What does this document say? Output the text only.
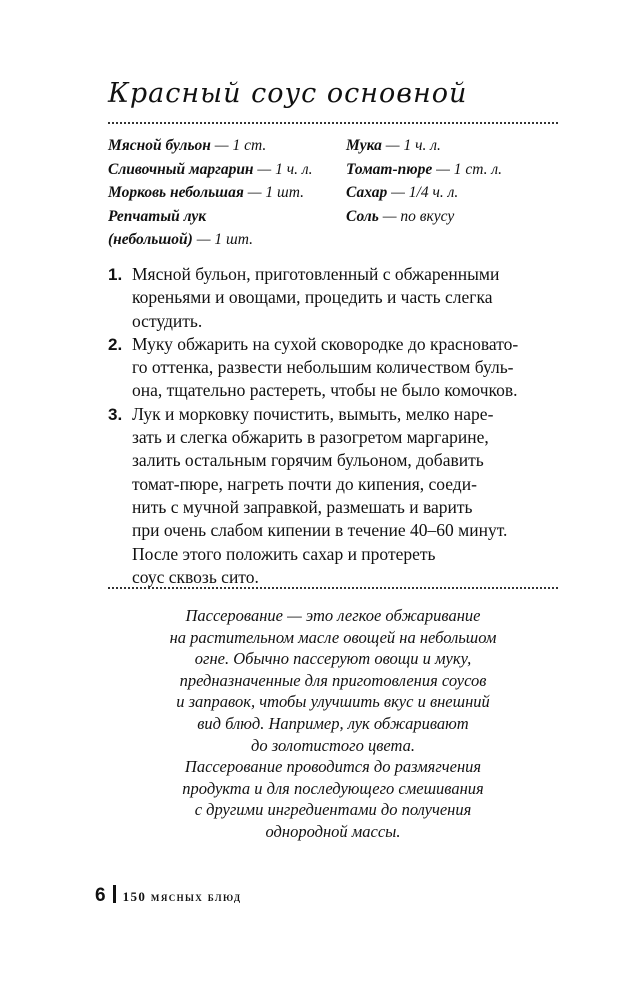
Красный соус основной
Мясной бульон — 1 ст.
Сливочный маргарин — 1 ч. л.
Морковь небольшая — 1 шт.
Репчатый лук
(небольшой) — 1 шт.
Мука — 1 ч. л.
Томат-пюре — 1 ст. л.
Сахар — 1/4 ч. л.
Соль — по вкусу
1. Мясной бульон, приготовленный с обжаренными
кореньями и овощами, процедить и часть слегка
остудить.
2. Муку обжарить на сухой сковородке до красновато-
го оттенка, развести небольшим количеством буль-
она, тщательно растереть, чтобы не было комочков.
3. Лук и морковку почистить, вымыть, мелко наре-
зать и слегка обжарить в разогретом маргарине,
залить остальным горячим бульоном, добавить
томат-пюре, нагреть почти до кипения, соеди-
нить с мучной заправкой, размешать и варить
при очень слабом кипении в течение 40–60 минут.
После этого положить сахар и протереть
соус сквозь сито.
Пассерование — это легкое обжаривание
на растительном масле овощей на небольшом
огне. Обычно пассеруют овощи и муку,
предназначенные для приготовления соусов
и заправок, чтобы улучшить вкус и внешний
вид блюд. Например, лук обжаривают
до золотистого цвета.
Пассерование проводится до размягчения
продукта и для последующего смешивания
с другими ингредиентами до получения
однородной массы.
6 150 мясных блюд
